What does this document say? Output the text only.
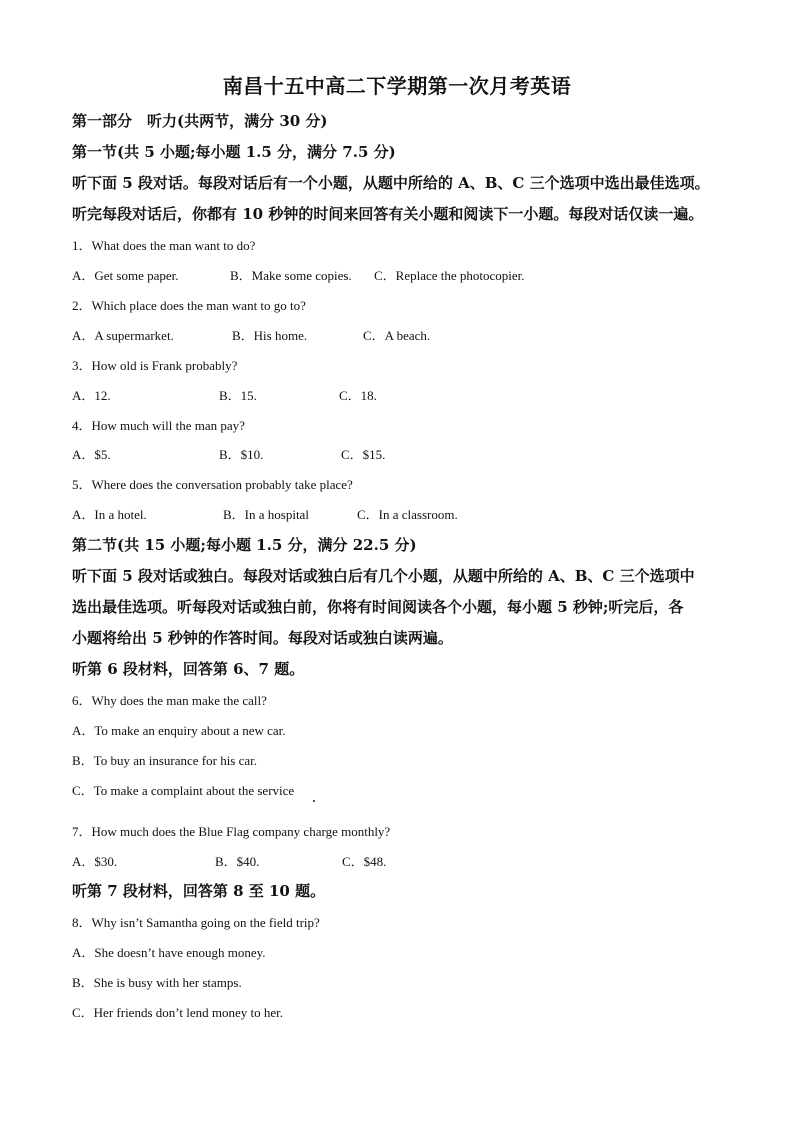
南昌十五中高二下学期第一次月考英语
第一部分　听力(共两节，满分 30 分)
第一节(共 5 小题;每小题 1.5 分，满分 7.5 分)
听下面 5 段对话。每段对话后有一个小题，从题中所给的 A、B、C 三个选项中选出最佳选项。
听完每段对话后，你都有 10 秒钟的时间来回答有关小题和阅读下一小题。每段对话仅读一遍。
1．What does the man want to do?
A．Get some paper.	B．Make some copies. C．Replace the photocopier.
2．Which place does the man want to go to?
A．A supermarket.	B．His home.	C．A beach.
3．How old is Frank probably?
A．12.	B．15.	C．18.
4．How much will the man pay?
A．$5.	B．$10.	C．$15.
5．Where does the conversation probably take place?
A．In a hotel.	B．In a hospital	C．In a classroom.
第二节(共 15 小题;每小题 1.5 分，满分 22.5 分)
听下面 5 段对话或独白。每段对话或独白后有几个小题，从题中所给的 A、B、C 三个选项中
选出最佳选项。听每段对话或独白前，你将有时间阅读各个小题，每小题 5 秒钟;听完后，各
小题将给出 5 秒钟的作答时间。每段对话或独白读两遍。
听第 6 段材料，回答第 6、7 题。
6．Why does the man make the call?
A．To make an enquiry about a new car.
B．To buy an insurance for his car.
C．To make a complaint about the service
7．How much does the Blue Flag company charge monthly?
A．$30.	B．$40.	C．$48.
听第 7 段材料，回答第 8 至 10 题。
8．Why isn’t Samantha going on the field trip?
A．She doesn’t have enough money.
B．She is busy with her stamps.
C．Her friends don’t lend money to her.
